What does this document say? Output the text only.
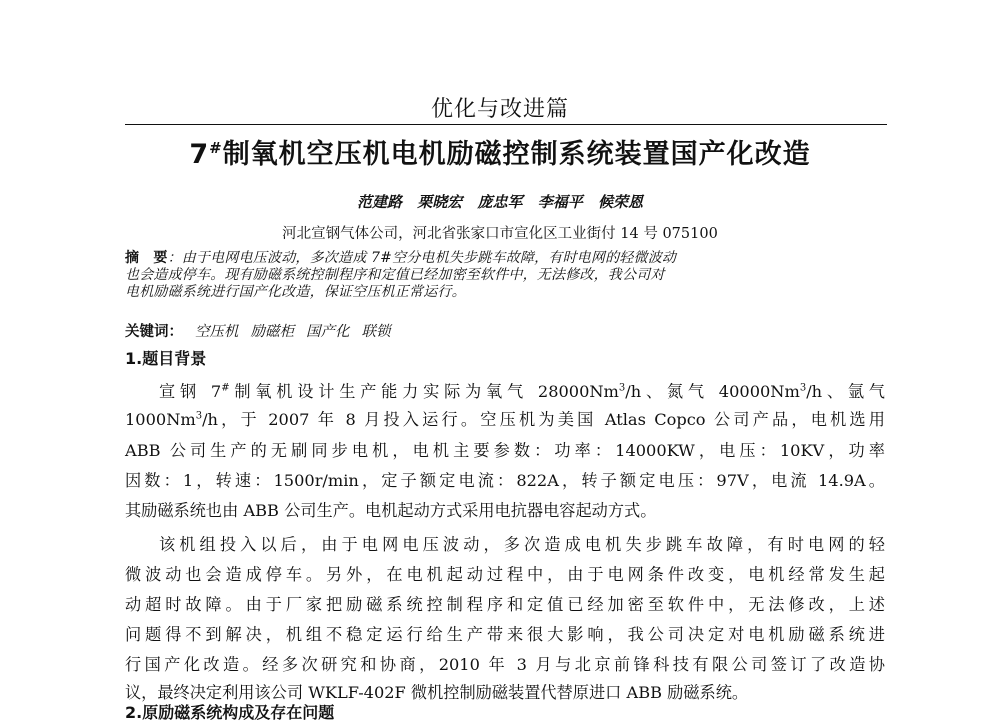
优化与改进篇
7#制氧机空压机电机励磁控制系统装置国产化改造
范建路 栗晓宏 庞忠军 李福平 候荣恩
河北宣钢气体公司，河北省张家口市宣化区工业街付 14 号 075100
摘　要：由于电网电压波动，多次造成 7#空分电机失步跳车故障，有时电网的轻微波动
也会造成停车。现有励磁系统控制程序和定值已经加密至软件中，无法修改，我公司对
电机励磁系统进行国产化改造，保证空压机正常运行。
关键词： 空压机 励磁柜 国产化 联锁
1.题目背景
宣钢 7#制氧机设计生产能力实际为氧气 28000Nm$^3$/h、氮气 40000Nm$^3$/h、氩气
1000Nm$^3$/h，于 2007 年 8 月投入运行。空压机为美国 Atlas Copco 公司产品，电机选用
ABB 公司生产的无刷同步电机，电机主要参数：功率：14000KW，电压：10KV，功率
因数：1，转速：1500r/min，定子额定电流：822A，转子额定电压：97V，电流 14.9A。
其励磁系统也由 ABB 公司生产。电机起动方式采用电抗器电容起动方式。
该机组投入以后，由于电网电压波动，多次造成电机失步跳车故障，有时电网的轻
微波动也会造成停车。另外，在电机起动过程中，由于电网条件改变，电机经常发生起
动超时故障。由于厂家把励磁系统控制程序和定值已经加密至软件中，无法修改，上述
问题得不到解决，机组不稳定运行给生产带来很大影响，我公司决定对电机励磁系统进
行国产化改造。经多次研究和协商，2010 年 3 月与北京前锋科技有限公司签订了改造协
议，最终决定利用该公司 WKLF-402F 微机控制励磁装置代替原进口 ABB 励磁系统。
2.原励磁系统构成及存在问题
